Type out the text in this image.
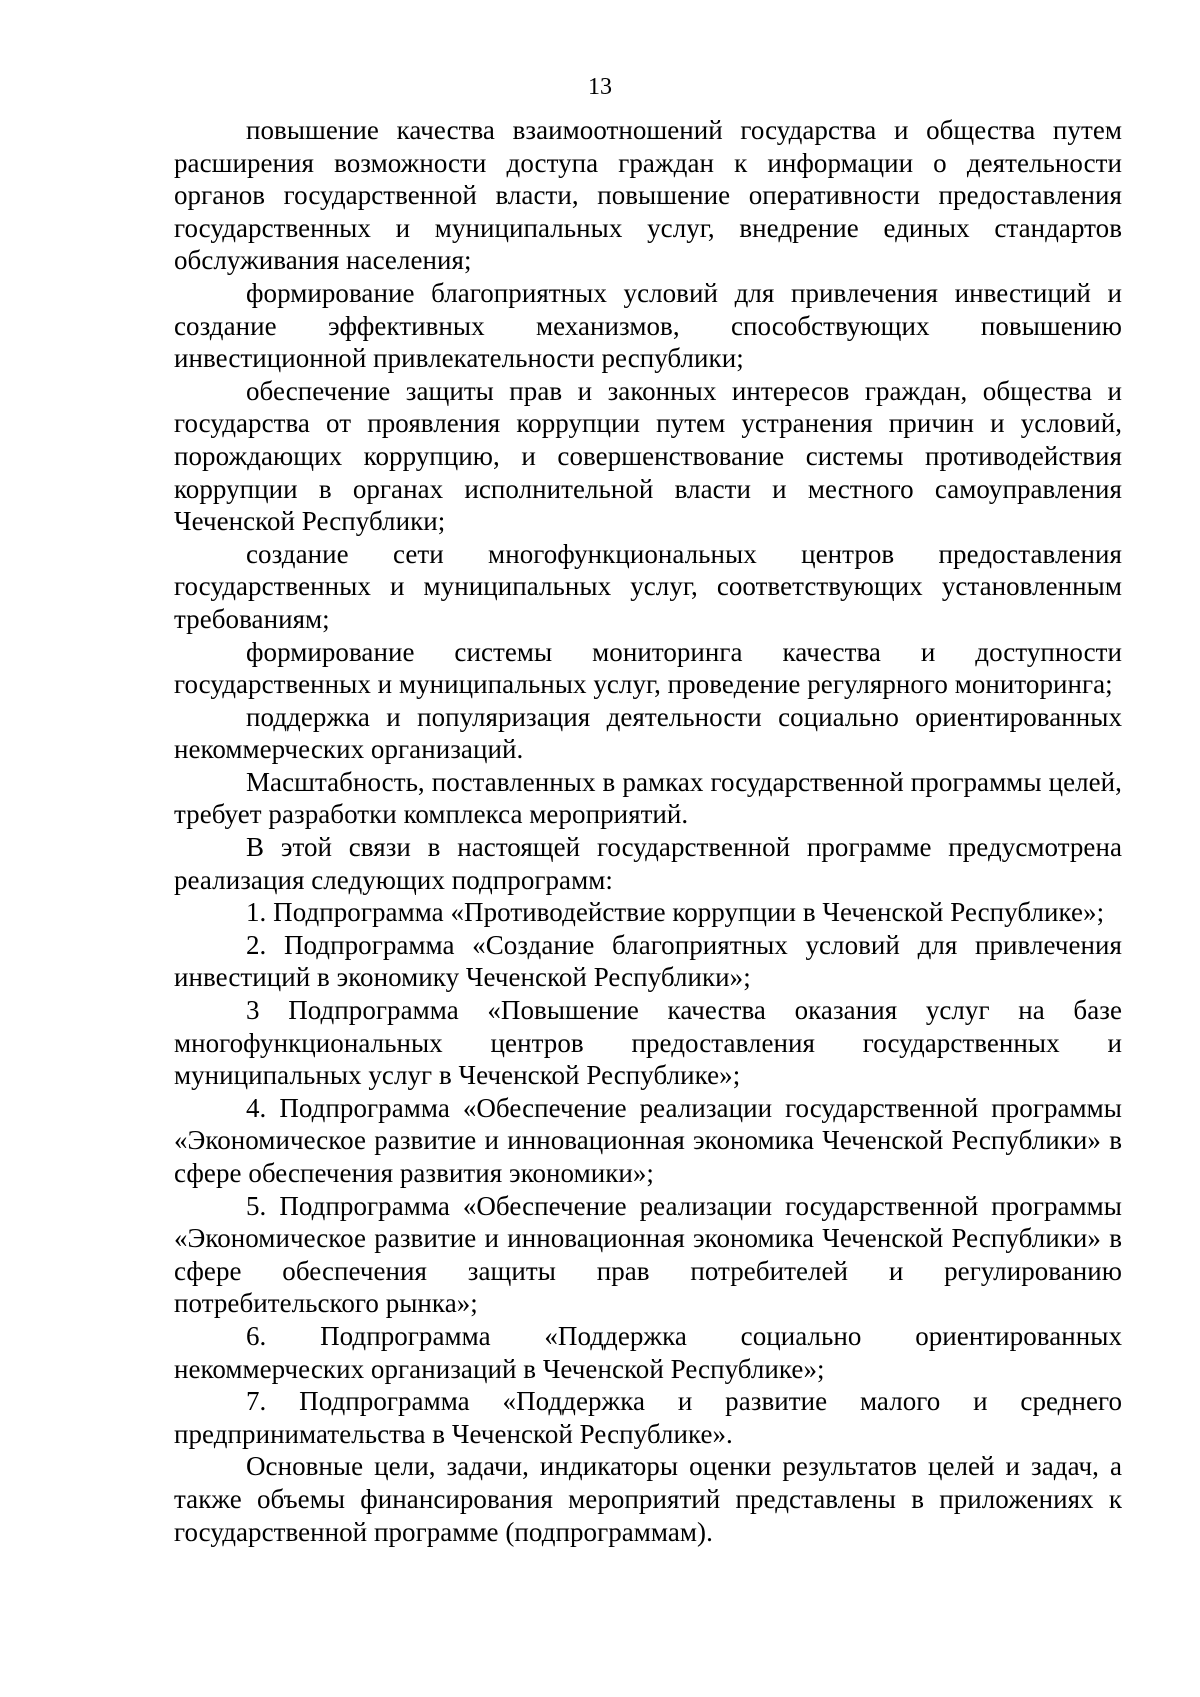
13

повышение качества взаимоотношений государства и общества путем расширения возможности доступа граждан к информации о деятельности органов государственной власти, повышение оперативности предоставления государственных и муниципальных услуг, внедрение единых стандартов обслуживания населения;

формирование благоприятных условий для привлечения инвестиций и создание эффективных механизмов, способствующих повышению инвестиционной привлекательности республики;

обеспечение защиты прав и законных интересов граждан, общества и государства от проявления коррупции путем устранения причин и условий, порождающих коррупцию, и совершенствование системы противодействия коррупции в органах исполнительной власти и местного самоуправления Чеченской Республики;

создание сети многофункциональных центров предоставления государственных и муниципальных услуг, соответствующих установленным требованиям;

формирование системы мониторинга качества и доступности государственных и муниципальных услуг, проведение регулярного мониторинга;

поддержка и популяризация деятельности социально ориентированных некоммерческих организаций.

Масштабность, поставленных в рамках государственной программы целей, требует разработки комплекса мероприятий.

В этой связи в настоящей государственной программе предусмотрена реализация следующих подпрограмм:

1. Подпрограмма «Противодействие коррупции в Чеченской Республике»;

2. Подпрограмма «Создание благоприятных условий для привлечения инвестиций в экономику Чеченской Республики»;

3 Подпрограмма «Повышение качества оказания услуг на базе многофункциональных центров предоставления государственных и муниципальных услуг в Чеченской Республике»;

4. Подпрограмма «Обеспечение реализации государственной программы «Экономическое развитие и инновационная экономика Чеченской Республики» в сфере обеспечения развития экономики»;

5. Подпрограмма «Обеспечение реализации государственной программы «Экономическое развитие и инновационная экономика Чеченской Республики» в сфере обеспечения защиты прав потребителей и регулированию потребительского рынка»;

6. Подпрограмма «Поддержка социально ориентированных некоммерческих организаций в Чеченской Республике»;

7. Подпрограмма «Поддержка и развитие малого и среднего предпринимательства в Чеченской Республике».

Основные цели, задачи, индикаторы оценки результатов целей и задач, а также объемы финансирования мероприятий представлены в приложениях к государственной программе (подпрограммам).
